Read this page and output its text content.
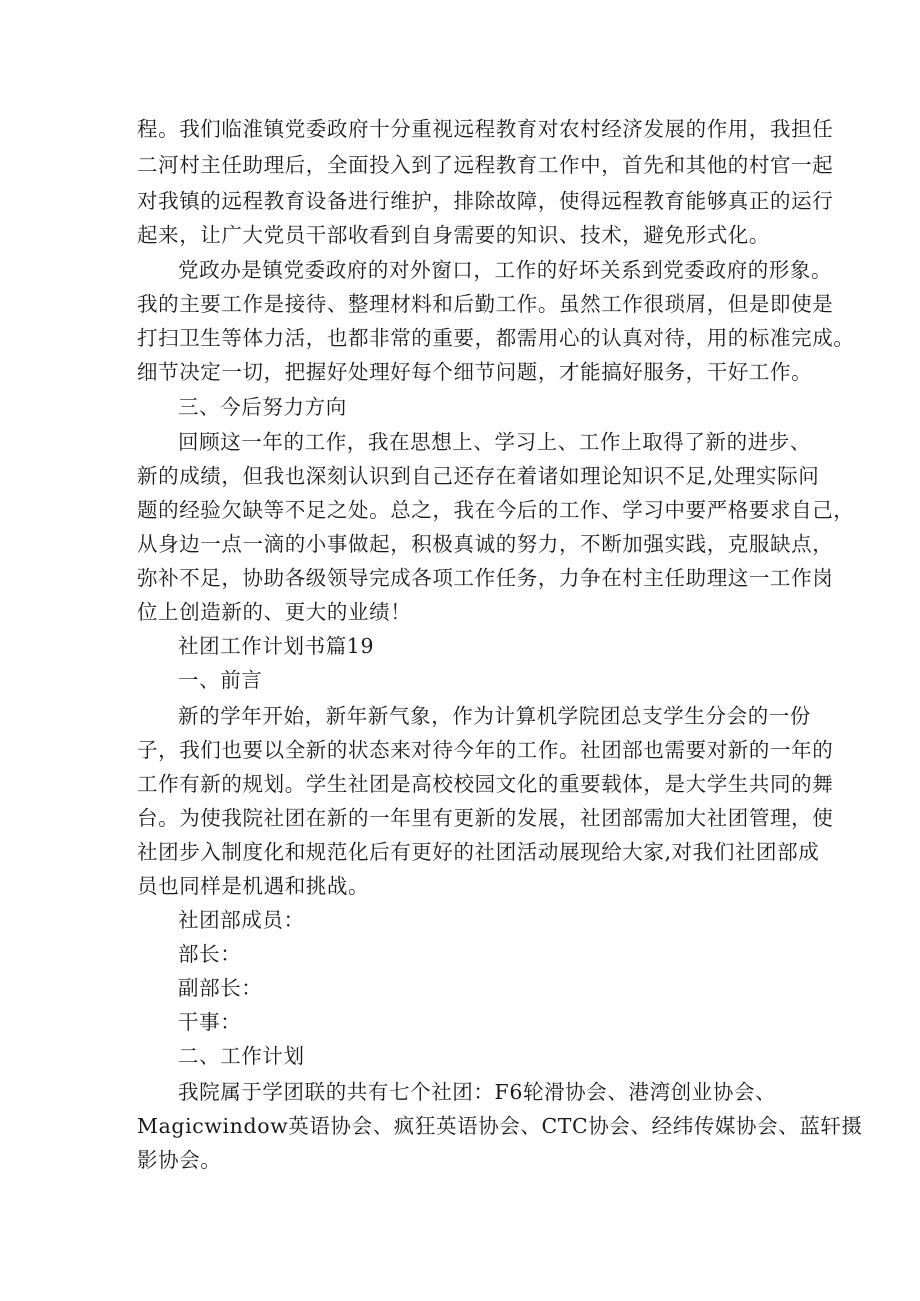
程。我们临淮镇党委政府十分重视远程教育对农村经济发展的作用，我担任
二河村主任助理后，全面投入到了远程教育工作中，首先和其他的村官一起
对我镇的远程教育设备进行维护，排除故障，使得远程教育能够真正的运行
起来，让广大党员干部收看到自身需要的知识、技术，避免形式化。
党政办是镇党委政府的对外窗口，工作的好坏关系到党委政府的形象。
我的主要工作是接待、整理材料和后勤工作。虽然工作很琐屑，但是即使是
打扫卫生等体力活，也都非常的重要，都需用心的认真对待，用的标准完成。
细节决定一切，把握好处理好每个细节问题，才能搞好服务，干好工作。
三、今后努力方向
回顾这一年的工作，我在思想上、学习上、工作上取得了新的进步、
新的成绩，但我也深刻认识到自己还存在着诸如理论知识不足,处理实际问
题的经验欠缺等不足之处。总之，我在今后的工作、学习中要严格要求自己，
从身边一点一滴的小事做起，积极真诚的努力，不断加强实践，克服缺点，
弥补不足，协助各级领导完成各项工作任务，力争在村主任助理这一工作岗
位上创造新的、更大的业绩！
社团工作计划书篇19
一、前言
新的学年开始，新年新气象，作为计算机学院团总支学生分会的一份
子，我们也要以全新的状态来对待今年的工作。社团部也需要对新的一年的
工作有新的规划。学生社团是高校校园文化的重要载体，是大学生共同的舞
台。为使我院社团在新的一年里有更新的发展，社团部需加大社团管理，使
社团步入制度化和规范化后有更好的社团活动展现给大家,对我们社团部成
员也同样是机遇和挑战。
社团部成员：
部长：
副部长：
干事：
二、工作计划
我院属于学团联的共有七个社团：F6轮滑协会、港湾创业协会、
Magicwindow英语协会、疯狂英语协会、CTC协会、经纬传媒协会、蓝轩摄
影协会。
